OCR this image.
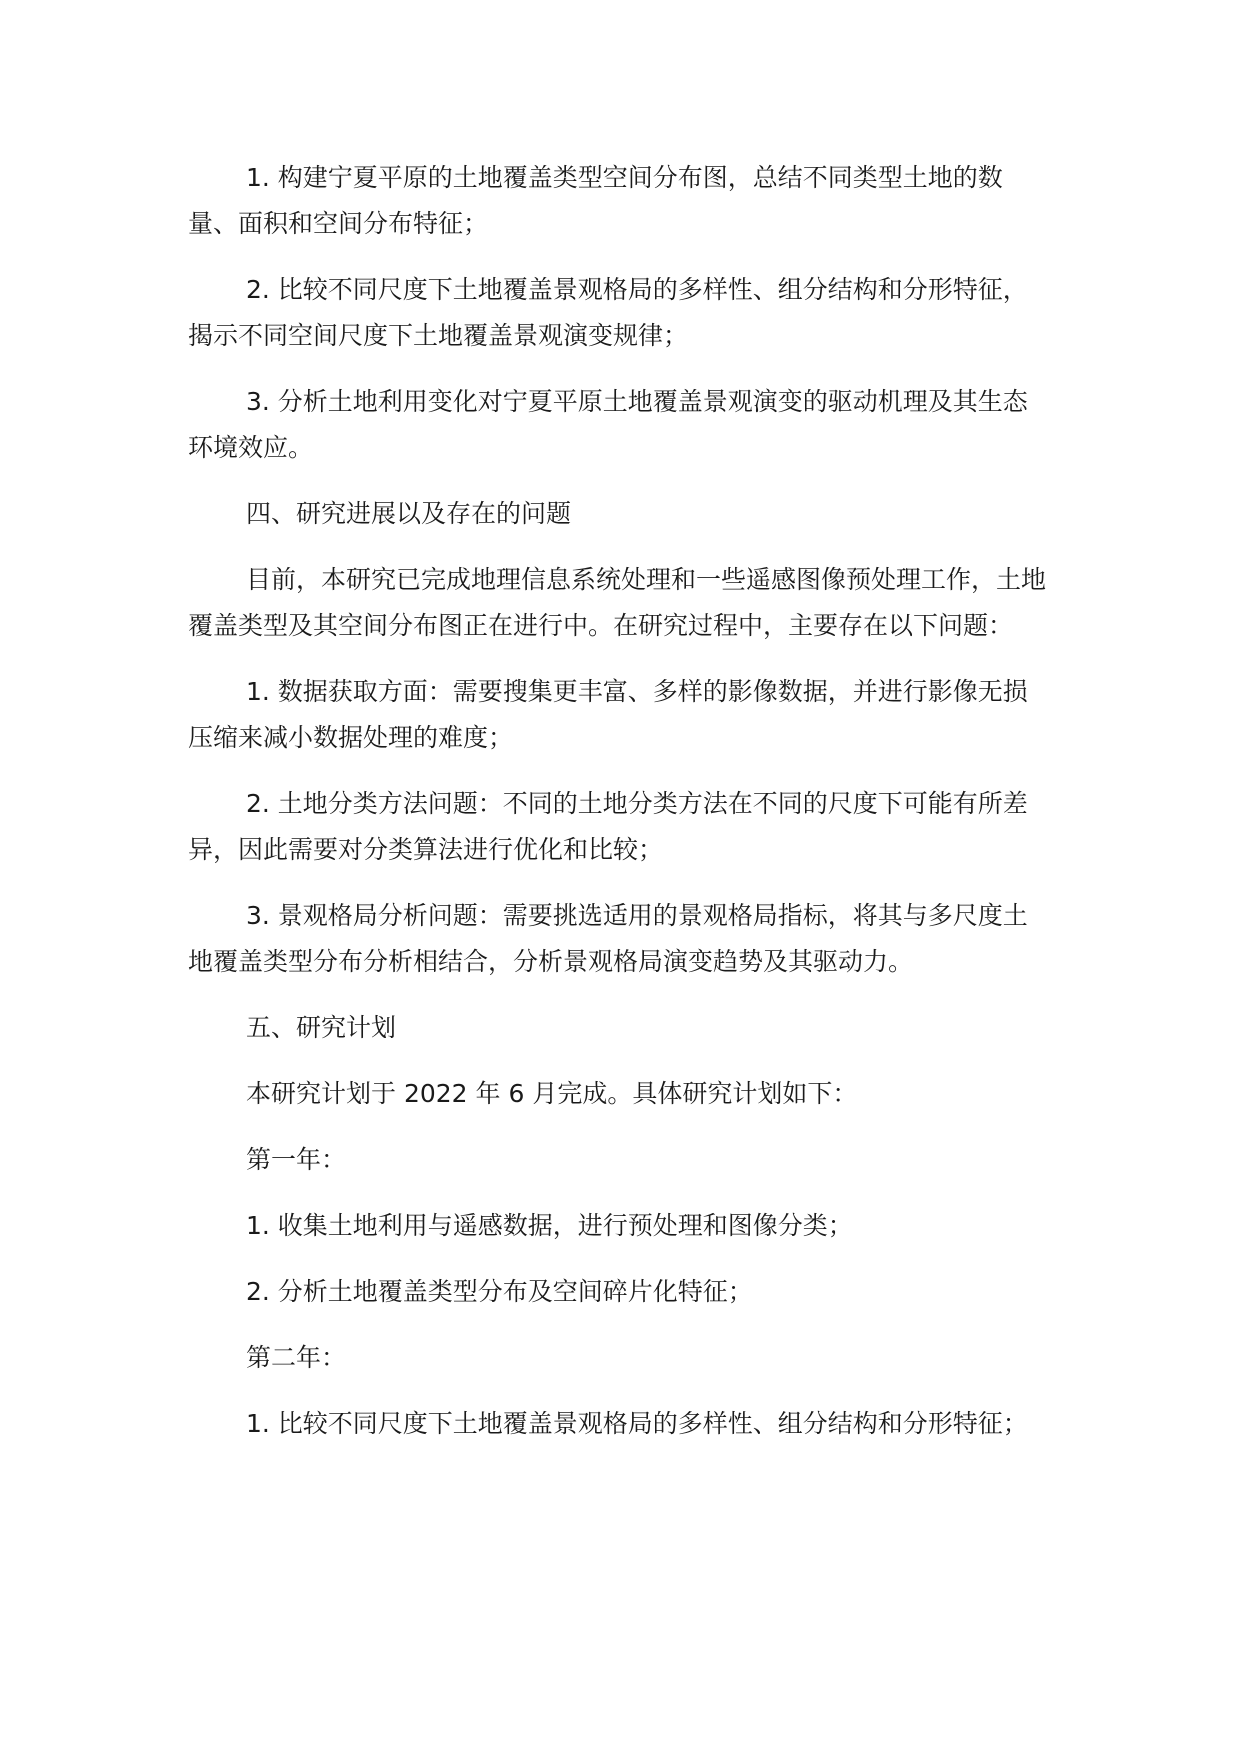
1. 构建宁夏平原的土地覆盖类型空间分布图，总结不同类型土地的数量、面积和空间分布特征；

2. 比较不同尺度下土地覆盖景观格局的多样性、组分结构和分形特征，揭示不同空间尺度下土地覆盖景观演变规律；

3. 分析土地利用变化对宁夏平原土地覆盖景观演变的驱动机理及其生态环境效应。

四、研究进展以及存在的问题

目前，本研究已完成地理信息系统处理和一些遥感图像预处理工作，土地覆盖类型及其空间分布图正在进行中。在研究过程中，主要存在以下问题：

1. 数据获取方面：需要搜集更丰富、多样的影像数据，并进行影像无损压缩来减小数据处理的难度；

2. 土地分类方法问题：不同的土地分类方法在不同的尺度下可能有所差异，因此需要对分类算法进行优化和比较；

3. 景观格局分析问题：需要挑选适用的景观格局指标，将其与多尺度土地覆盖类型分布分析相结合，分析景观格局演变趋势及其驱动力。

五、研究计划

本研究计划于 2022 年 6 月完成。具体研究计划如下：

第一年：

1. 收集土地利用与遥感数据，进行预处理和图像分类；

2. 分析土地覆盖类型分布及空间碎片化特征；

第二年：

1. 比较不同尺度下土地覆盖景观格局的多样性、组分结构和分形特征；
